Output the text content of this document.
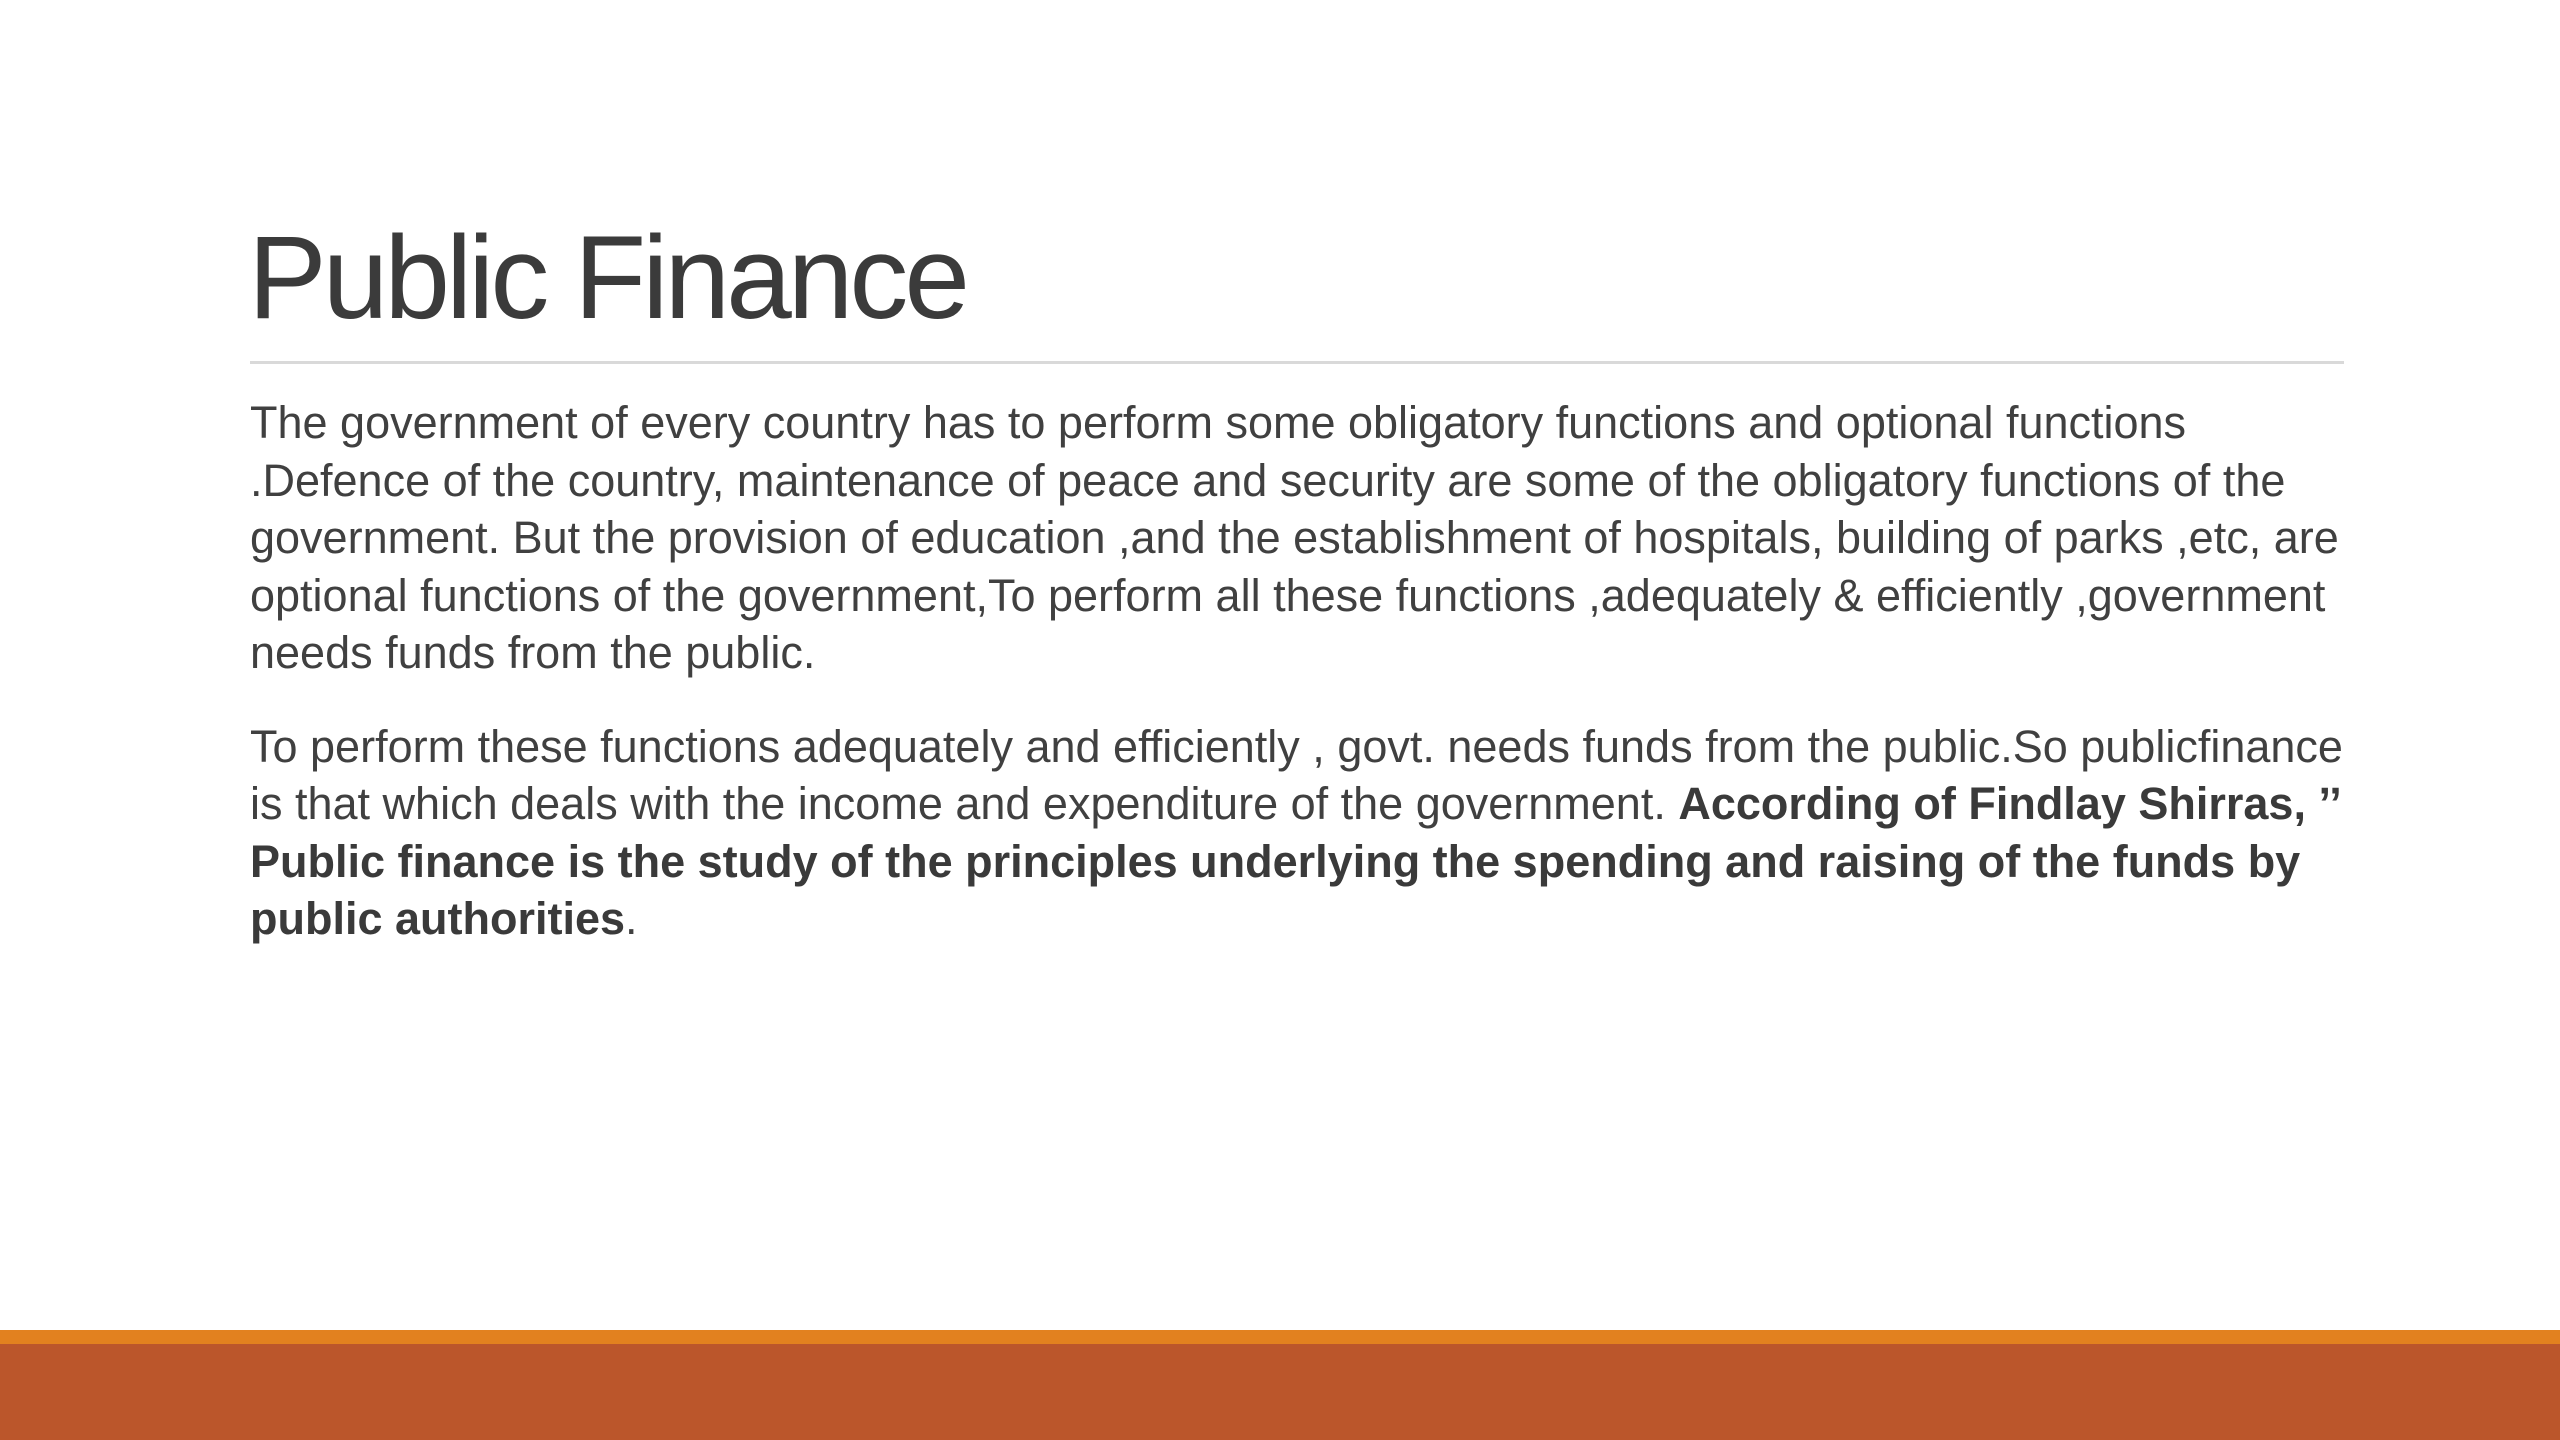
Public Finance

The government of every country has to perform some obligatory functions and optional functions .Defence of the country, maintenance of peace and security are some of the obligatory functions of the government. But the provision of education ,and the establishment of hospitals, building of parks ,etc, are optional functions of the government,To perform all these functions ,adequately & efficiently ,government needs funds from the public.

To perform these functions adequately and efficiently , govt. needs funds from the public.So publicfinance is that which deals with the income and expenditure of the government. According of Findlay Shirras, ’’ Public finance is the study of the principles underlying the spending and raising of the funds by public authorities.
